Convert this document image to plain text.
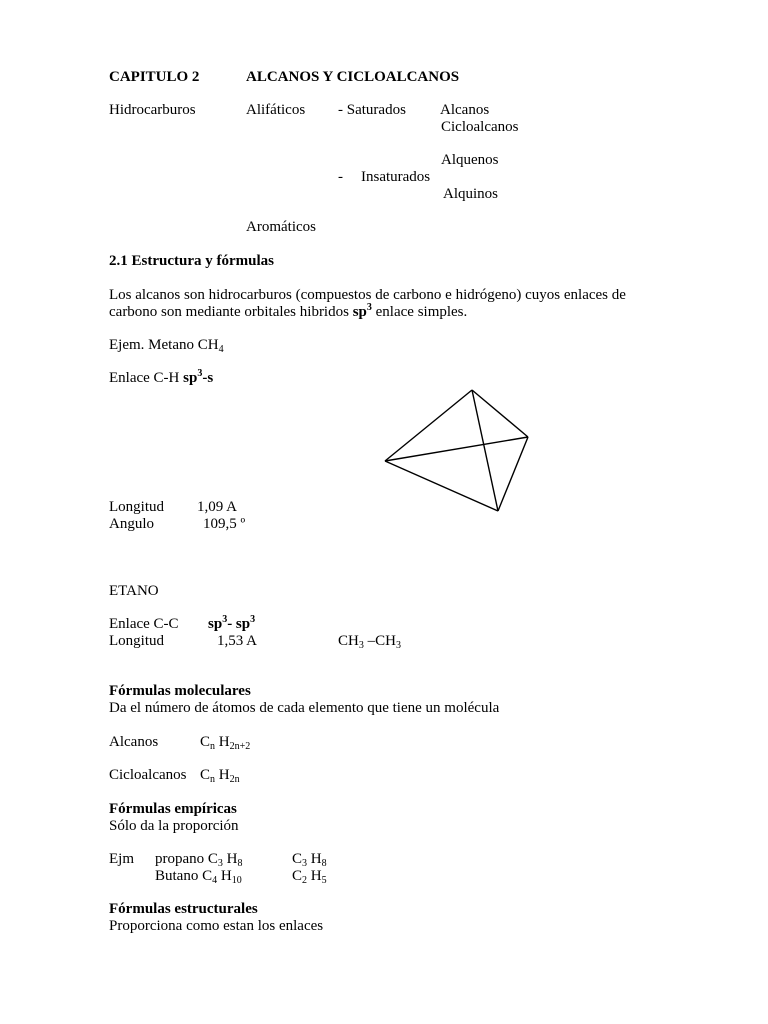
CAPITULO 2	ALCANOS Y CICLOALCANOS
Hidrocarburos	Alifáticos - Saturados Alcanos
Cicloalcanos
Alquenos
- Insaturados
Alquinos
Aromáticos
2.1 Estructura y fórmulas
Los alcanos son hidrocarburos (compuestos de carbono e hidrógeno) cuyos enlaces de
carbono son mediante orbitales hibridos $sp^3$ enlace simples.
Ejem. Metano $CH_4$
Enlace C-H $sp^3-s$
Longitud 1,09 A
Angulo	109,5 º
ETANO
Enlace C-C $sp^3-$ $sp^3$
Longitud	1,53 A	$CH_3$ $-CH_3$
Fórmulas moleculares
Da el número de átomos de cada elemento que tiene un molécula
Alcanos	$C_n$ $H_{2n+2}$
Cicloalcanos $C_n$ $H_{2n}$
Fórmulas empíricas
Sólo da la proporción
Ejm propano $C_3$ $H_8$	$C_3$ $H_8$
Butano $C_4$ $H_{10}$	$C_2$ $H_5$
Fórmulas estructurales
Proporciona como estan los enlaces
